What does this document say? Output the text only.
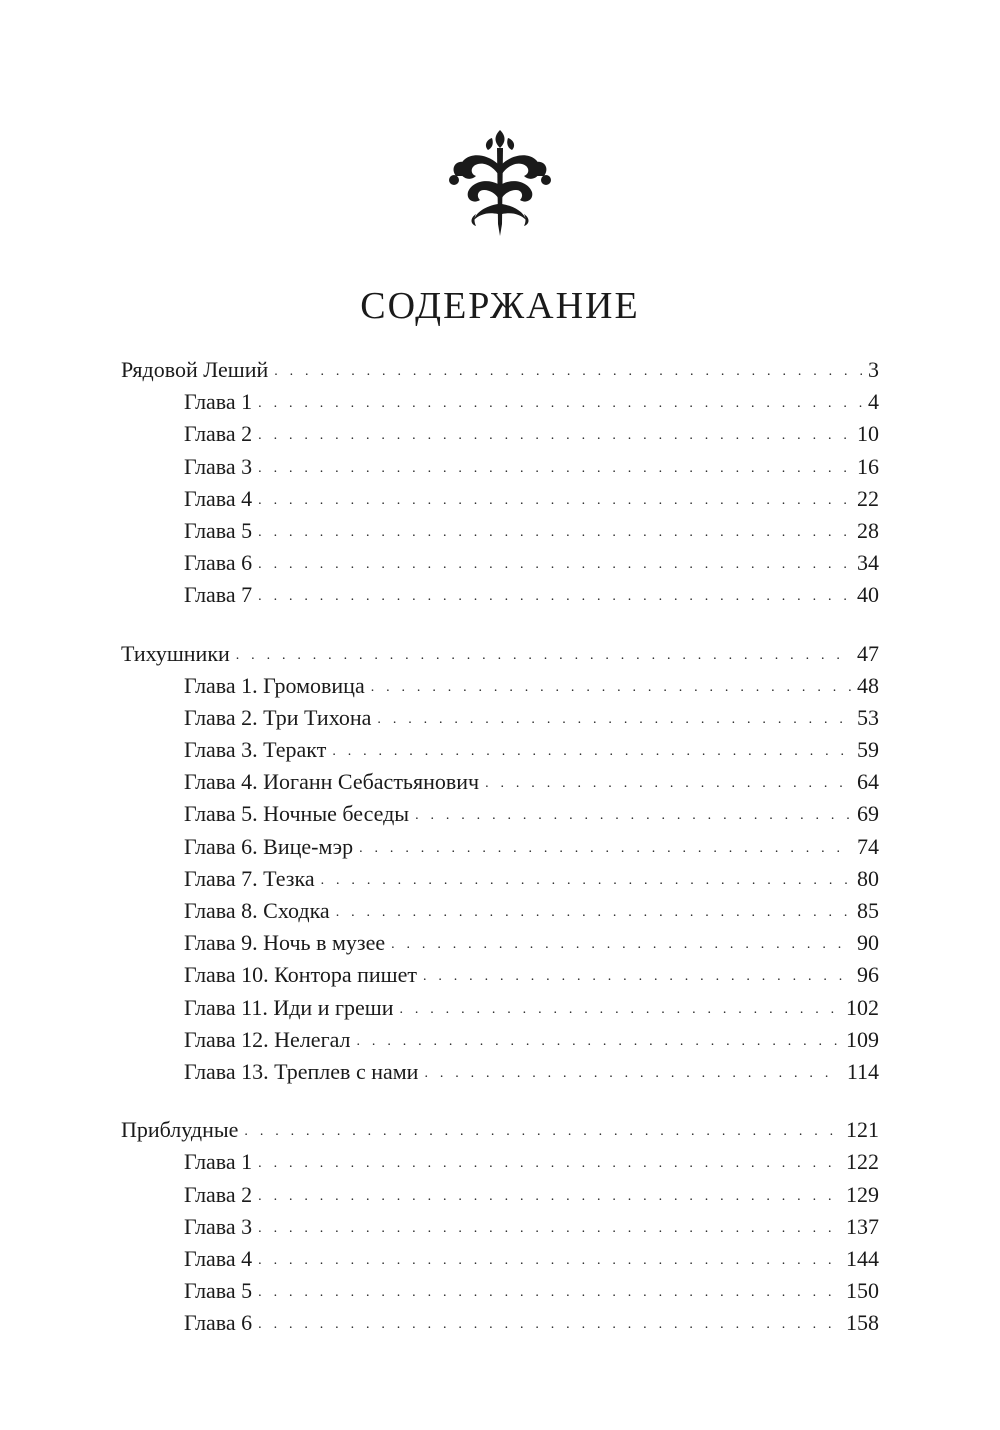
СОДЕРЖАНИЕ
Рядовой Леший . . .	3
Глава 1 . . .	4
Глава 2 . . .	10
Глава 3 . . .	16
Глава 4 . . .	22
Глава 5 . . .	28
Глава 6 . . .	34
Глава 7 . . .	40
Тихушники . . .	47
Глава 1. Громовица . . .	48
Глава 2. Три Тихона . . .	53
Глава 3. Теракт . . .	59
Глава 4. Иоганн Себастьянович . . .	64
Глава 5. Ночные беседы . . .	69
Глава 6. Вице-мэр . . .	74
Глава 7. Тезка . . .	80
Глава 8. Сходка . . .	85
Глава 9. Ночь в музее . . .	90
Глава 10. Контора пишет . . .	96
Глава 11. Иди и греши . . .	102
Глава 12. Нелегал . . .	109
Глава 13. Треплев с нами . . .	114
Приблудные . . .	121
Глава 1 . . .	122
Глава 2 . . .	129
Глава 3 . . .	137
Глава 4 . . .	144
Глава 5 . . .	150
Глава 6 . . .	158
